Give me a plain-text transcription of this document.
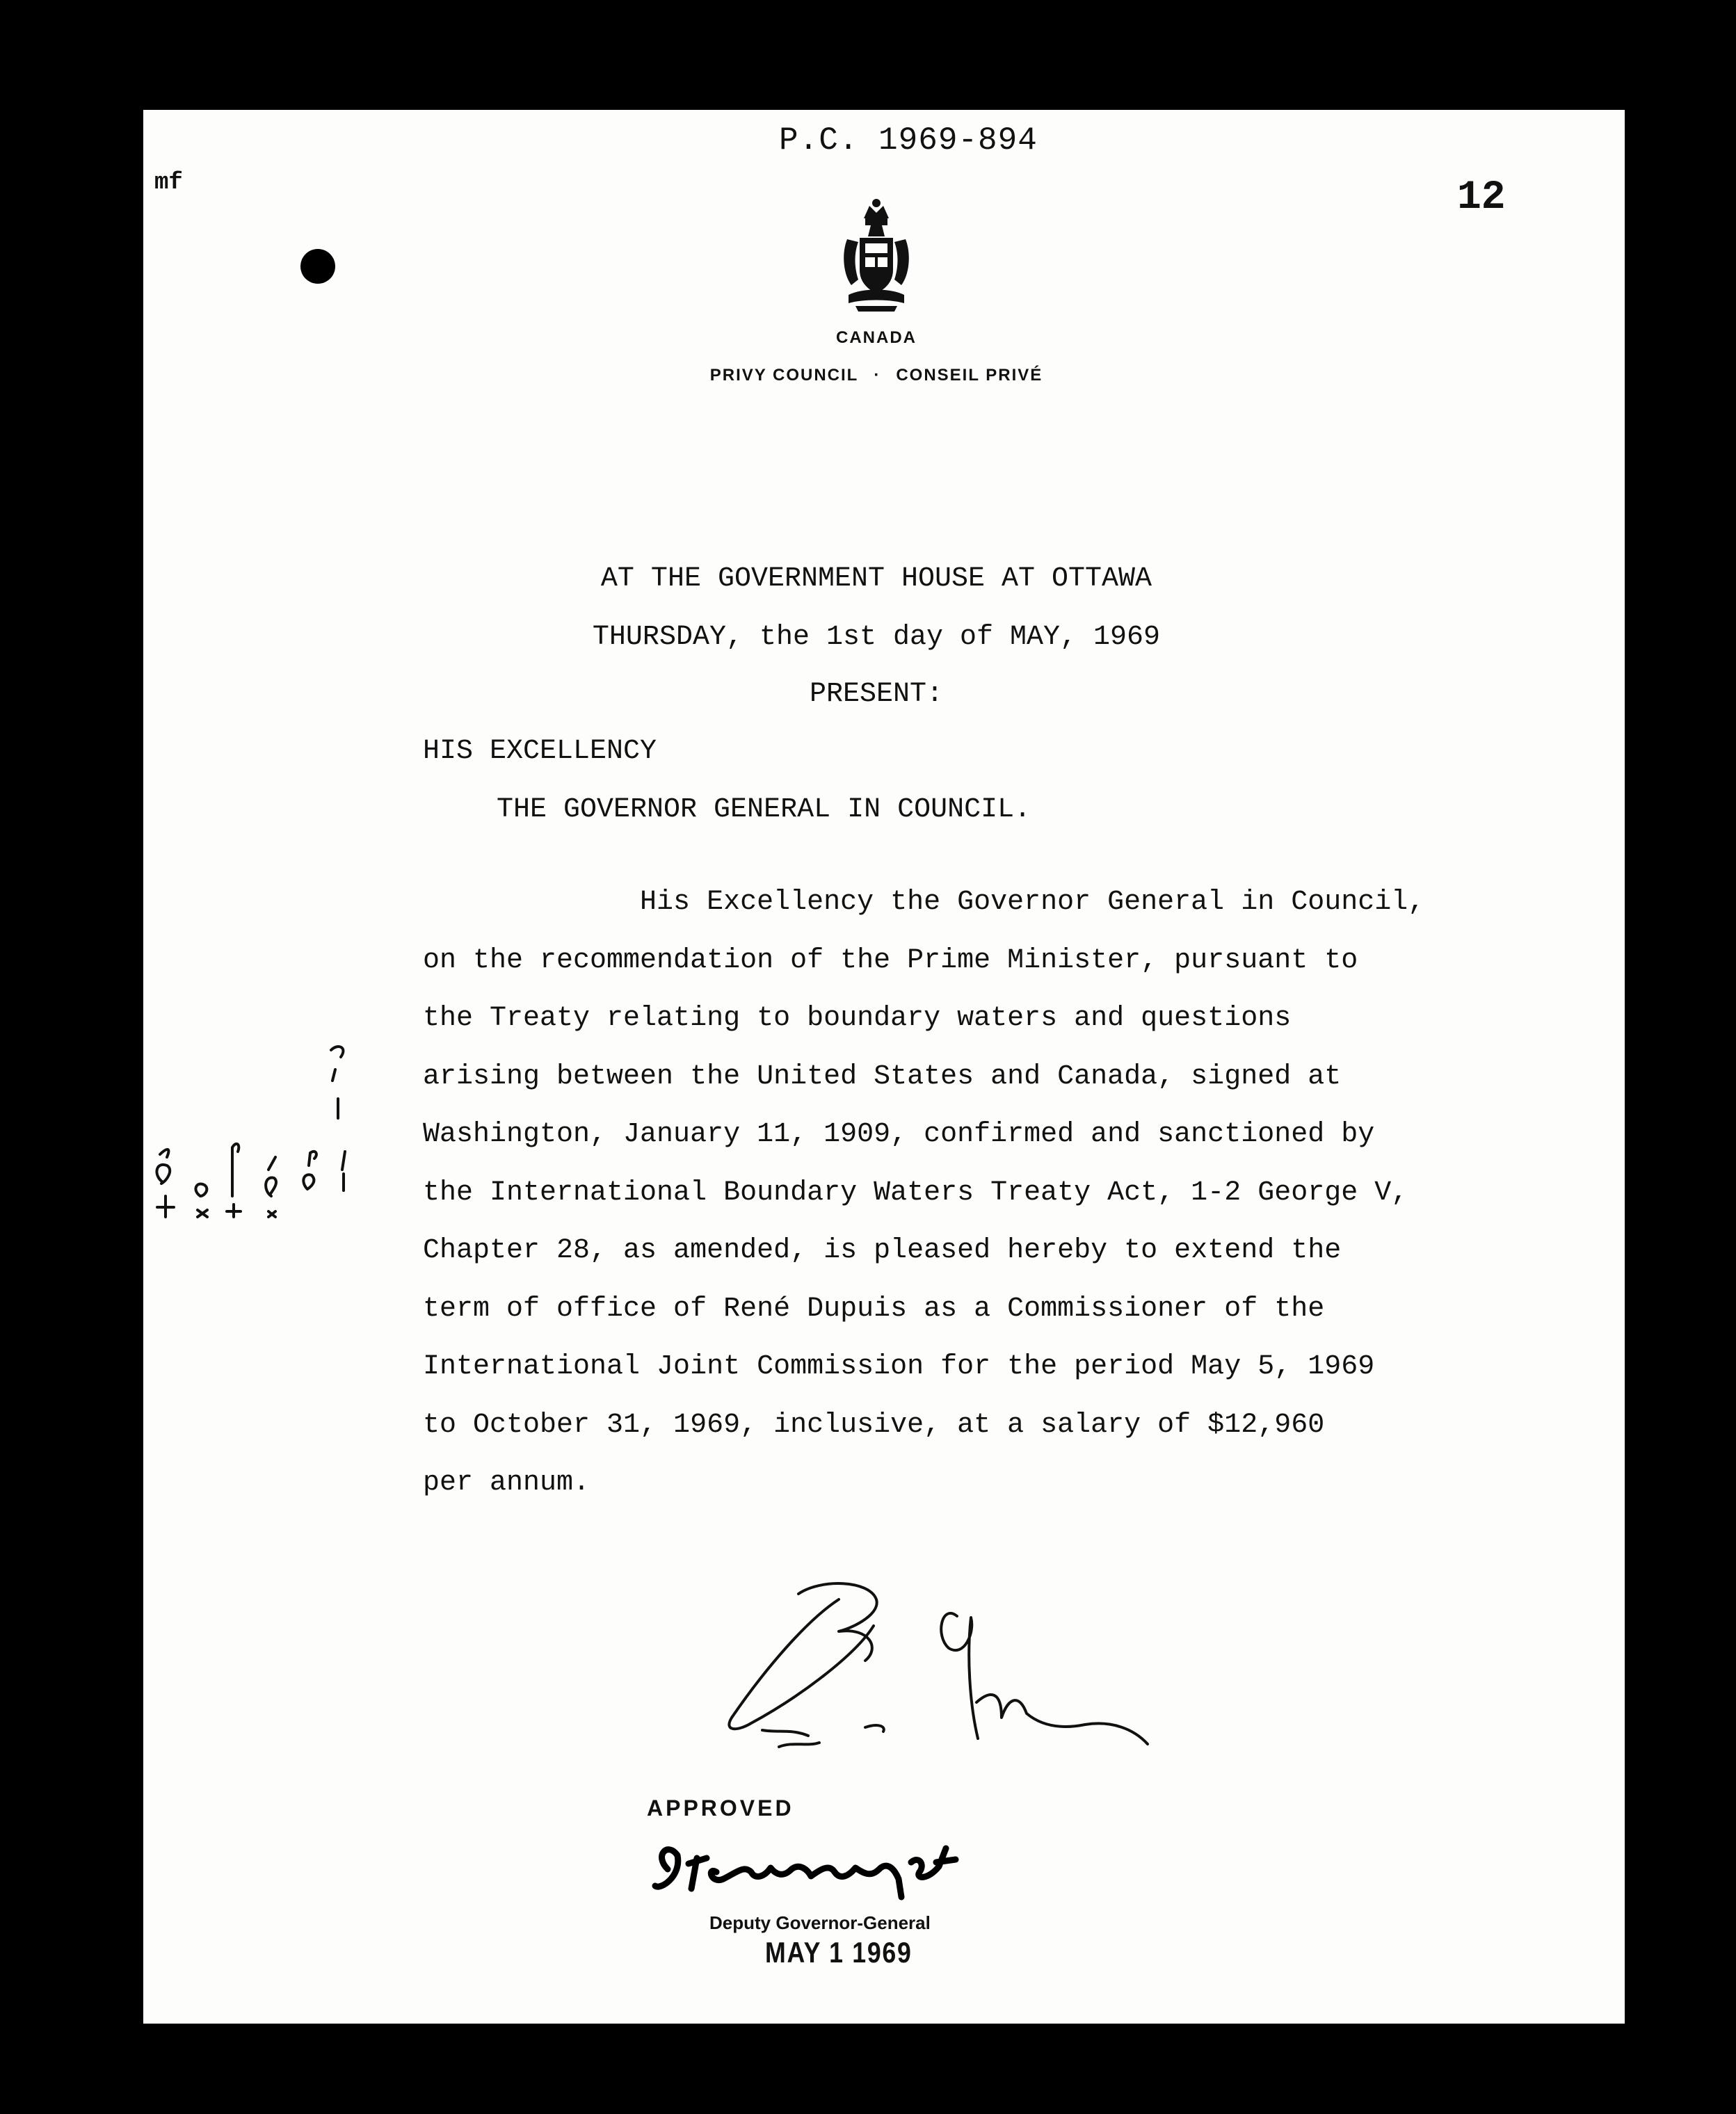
P.C. 1969-894
mf	12
CANADA
PRIVY COUNCIL · CONSEIL PRIVÉ
AT THE GOVERNMENT HOUSE AT OTTAWA
THURSDAY, the 1st day of MAY, 1969
PRESENT:
HIS EXCELLENCY
THE GOVERNOR GENERAL IN COUNCIL.
His Excellency the Governor General in Council,
on the recommendation of the Prime Minister, pursuant to
the Treaty relating to boundary waters and questions
arising between the United States and Canada, signed at
Washington, January 11, 1909, confirmed and sanctioned by
the International Boundary Waters Treaty Act, 1-2 George V,
Chapter 28, as amended, is pleased hereby to extend the
term of office of René Dupuis as a Commissioner of the
International Joint Commission for the period May 5, 1969
to October 31, 1969, inclusive, at a salary of $12,960
per annum.
APPROVED
Deputy Governor-General
MAY 1 1969
